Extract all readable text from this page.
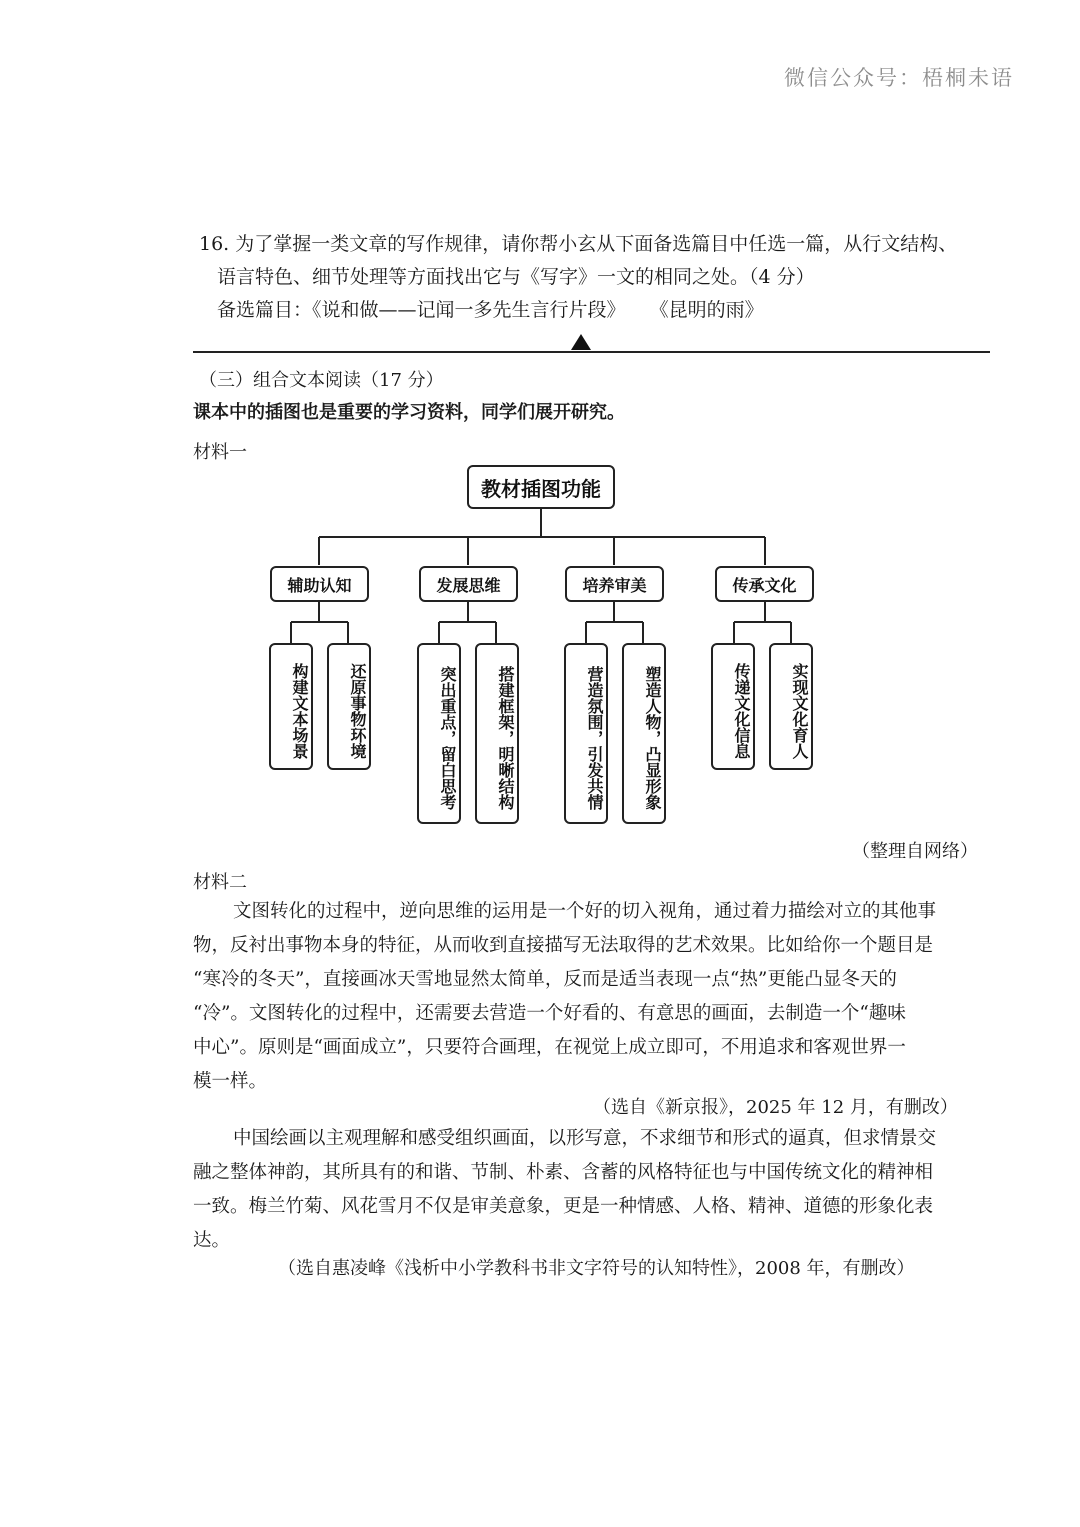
微信公众号：梧桐未语
16. 为了掌握一类文章的写作规律，请你帮小玄从下面备选篇目中任选一篇，从行文结构、
语言特色、细节处理等方面找出它与《写字》一文的相同之处。（4 分）
备选篇目：《说和做——记闻一多先生言行片段》    《昆明的雨》
（三）组合文本阅读（17 分）
课本中的插图也是重要的学习资料，同学们展开研究。
材料一
教材插图功能
辅助认知	发展思维	培养审美	传承文化
构建文本场景	还原事物环境	突出重点，留白思考	搭建框架，明晰结构	营造氛围，引发共情	塑造人物，凸显形象	传递文化信息	实现文化育人
（整理自网络）
材料二
文图转化的过程中，逆向思维的运用是一个好的切入视角，通过着力描绘对立的其他事
物，反衬出事物本身的特征，从而收到直接描写无法取得的艺术效果。比如给你一个题目是
“寒冷的冬天”，直接画冰天雪地显然太简单，反而是适当表现一点“热”更能凸显冬天的
“冷”。文图转化的过程中，还需要去营造一个好看的、有意思的画面，去制造一个“趣味
中心”。原则是“画面成立”，只要符合画理，在视觉上成立即可，不用追求和客观世界一
模一样。
（选自《新京报》，2025 年 12 月，有删改）
中国绘画以主观理解和感受组织画面，以形写意，不求细节和形式的逼真，但求情景交
融之整体神韵，其所具有的和谐、节制、朴素、含蓄的风格特征也与中国传统文化的精神相
一致。梅兰竹菊、风花雪月不仅是审美意象，更是一种情感、人格、精神、道德的形象化表
达。
（选自惠凌峰《浅析中小学教科书非文字符号的认知特性》，2008 年，有删改）
